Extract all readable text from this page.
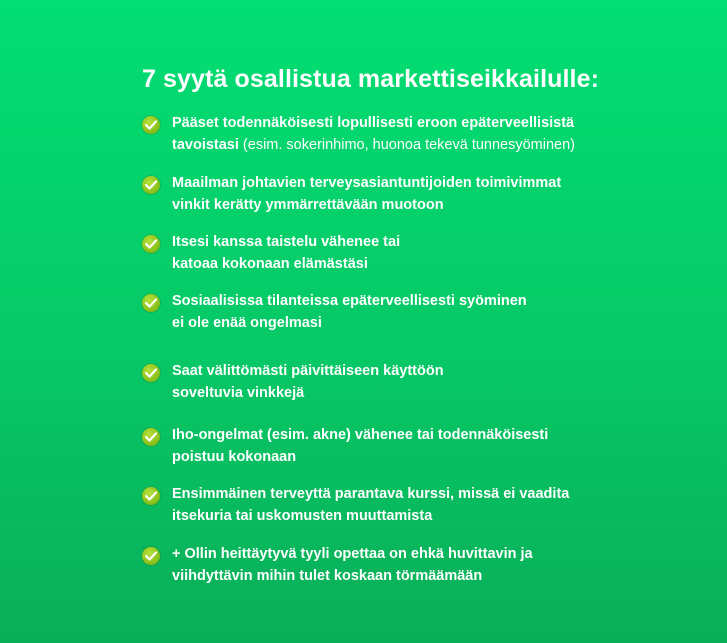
7 syytä osallistua markettiseikkailulle:
Pääset todennäköisesti lopullisesti eroon epäterveellisistä
tavoistasi (esim. sokerinhimo, huonoa tekevä tunnesyöminen)
Maailman johtavien terveysasiantuntijoiden toimivimmat
vinkit kerätty ymmärrettävään muotoon
Itsesi kanssa taistelu vähenee tai
katoaa kokonaan elämästäsi
Sosiaalisissa tilanteissa epäterveellisesti syöminen
ei ole enää ongelmasi
Saat välittömästi päivittäiseen käyttöön
soveltuvia vinkkejä
Iho-ongelmat (esim. akne) vähenee tai todennäköisesti
poistuu kokonaan
Ensimmäinen terveyttä parantava kurssi, missä ei vaadita
itsekuria tai uskomusten muuttamista
+ Ollin heittäytyvä tyyli opettaa on ehkä huvittavin ja
viihdyttävin mihin tulet koskaan törmäämään
